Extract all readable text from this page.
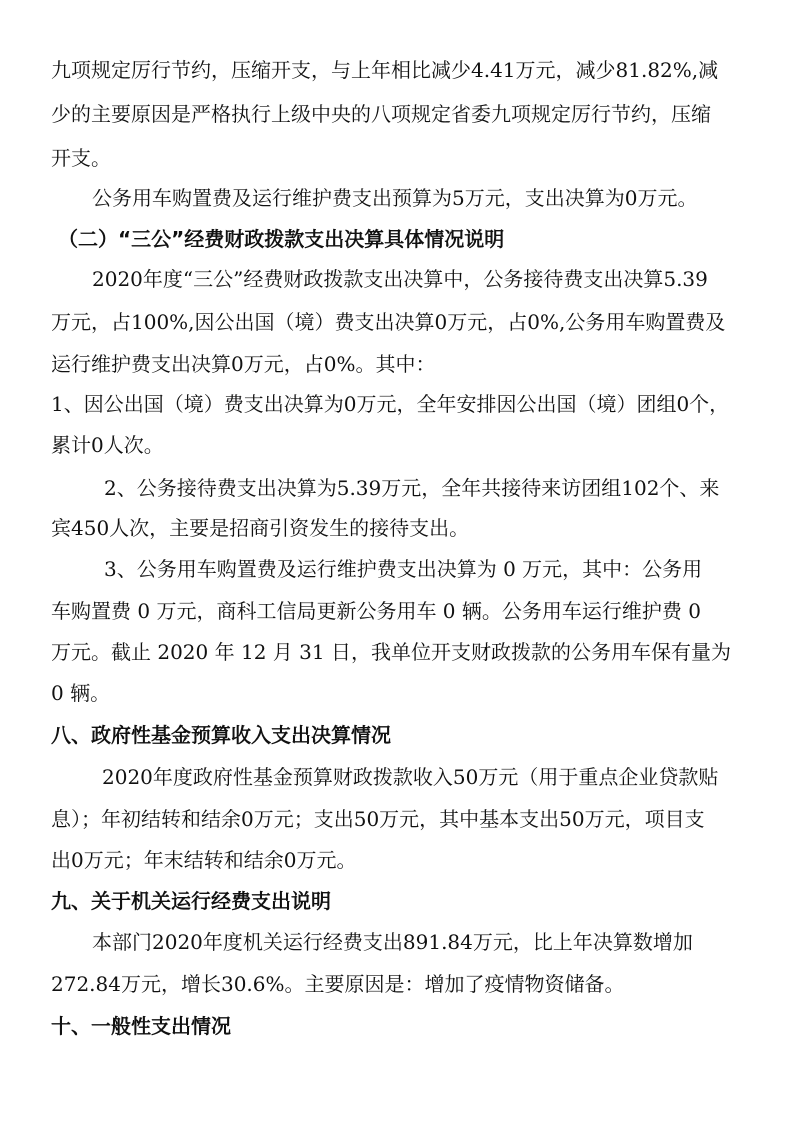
九项规定厉行节约，压缩开支，与上年相比减少4.41万元，减少81.82%,减
少的主要原因是严格执行上级中央的八项规定省委九项规定厉行节约，压缩
开支。
公务用车购置费及运行维护费支出预算为5万元，支出决算为0万元。
（二）“三公”经费财政拨款支出决算具体情况说明
2020年度“三公”经费财政拨款支出决算中，公务接待费支出决算5.39
万元，占100%,因公出国（境）费支出决算0万元，占0%,公务用车购置费及
运行维护费支出决算0万元，占0%。其中：
1、因公出国（境）费支出决算为0万元，全年安排因公出国（境）团组0个，
累计0人次。
2、公务接待费支出决算为5.39万元，全年共接待来访团组102个、来
宾450人次，主要是招商引资发生的接待支出。
3、公务用车购置费及运行维护费支出决算为 0 万元，其中：公务用
车购置费 0 万元，商科工信局更新公务用车 0 辆。公务用车运行维护费 0
万元。截止 2020 年 12 月 31 日，我单位开支财政拨款的公务用车保有量为
0 辆。
八、政府性基金预算收入支出决算情况
2020年度政府性基金预算财政拨款收入50万元（用于重点企业贷款贴
息）；年初结转和结余0万元；支出50万元，其中基本支出50万元，项目支
出0万元；年末结转和结余0万元。
九、关于机关运行经费支出说明
本部门2020年度机关运行经费支出891.84万元，比上年决算数增加
272.84万元，增长30.6%。主要原因是：增加了疫情物资储备。
十、一般性支出情况
